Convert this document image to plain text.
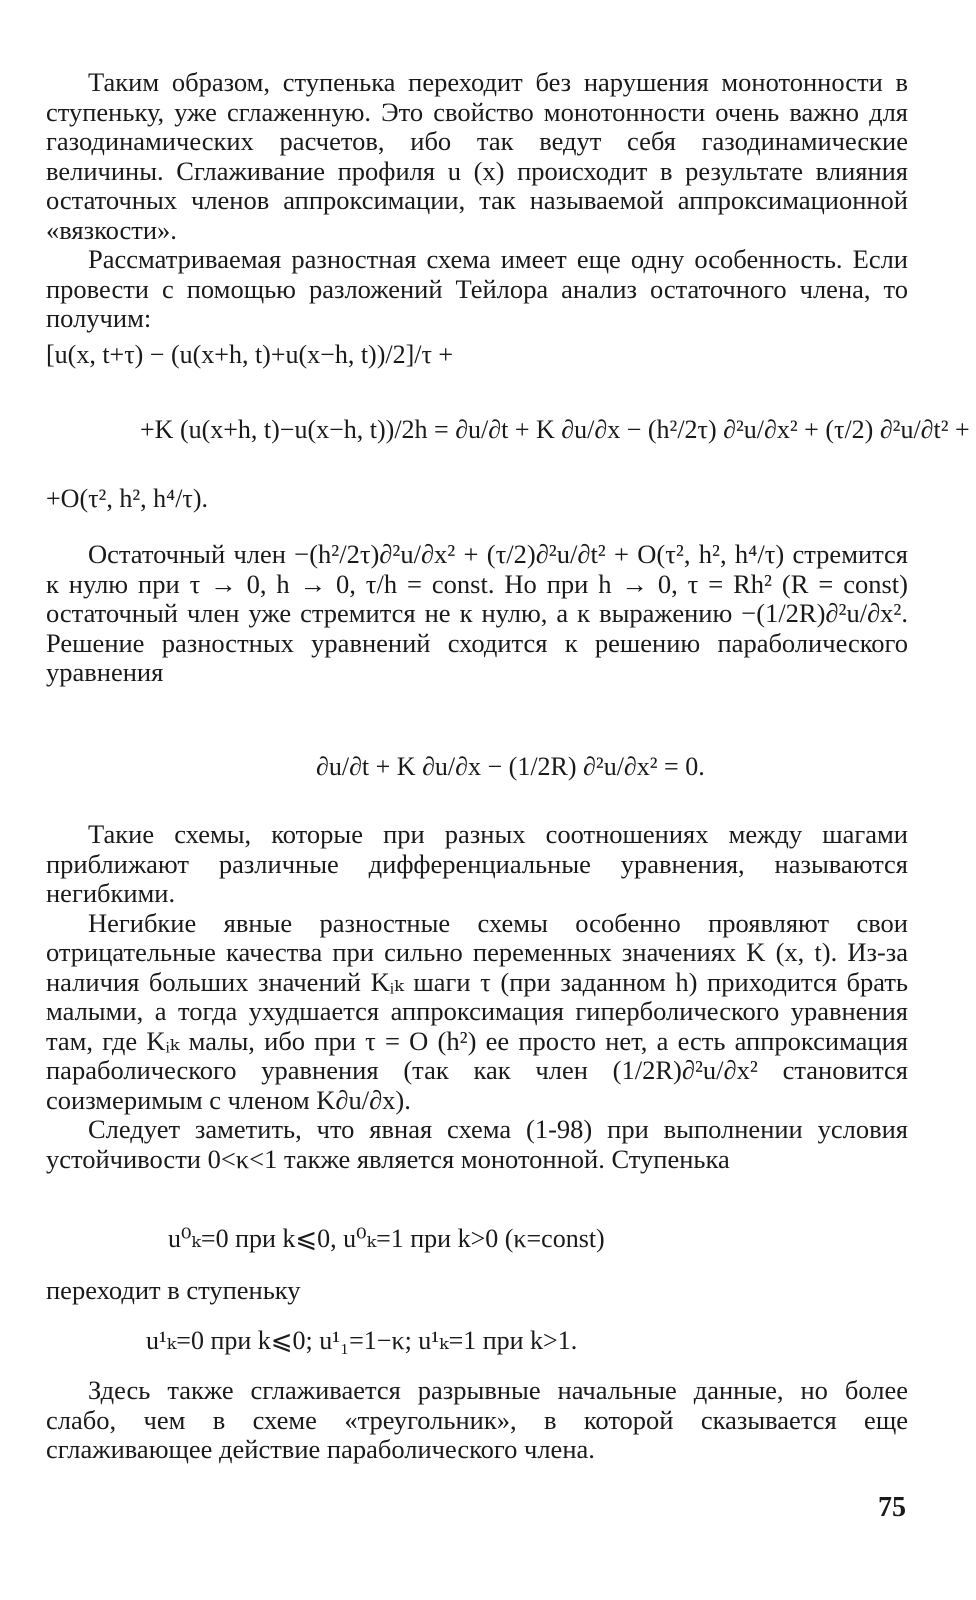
Таким образом, ступенька переходит без нарушения монотонности в ступеньку, уже сглаженную. Это свойство монотонности очень важно для газодинамических расчетов, ибо так ведут себя газодинамические величины. Сглаживание профиля u (x) происходит в результате влияния остаточных членов аппроксимации, так называемой аппроксимационной «вязкости».

Рассматриваемая разностная схема имеет еще одну особенность. Если провести с помощью разложений Тейлора анализ остаточного члена, то получим:

[u(x, t+τ) − (u(x+h, t)+u(x−h, t))/2]/τ +
+K (u(x+h, t)−u(x−h, t))/2h = ∂u/∂t + K ∂u/∂x − (h²/2τ) ∂²u/∂x² + (τ/2) ∂²u/∂t² +
+O(τ², h², h⁴/τ).

Остаточный член −(h²/2τ)∂²u/∂x² + (τ/2)∂²u/∂t² + O(τ², h², h⁴/τ) стремится к нулю при τ → 0, h → 0, τ/h = const. Но при h → 0, τ = Rh² (R = const) остаточный член уже стремится не к нулю, а к выражению −(1/2R)∂²u/∂x². Решение разностных уравнений сходится к решению параболического уравнения

∂u/∂t + K ∂u/∂x − (1/2R) ∂²u/∂x² = 0.

Такие схемы, которые при разных соотношениях между шагами приближают различные дифференциальные уравнения, называются негибкими.

Негибкие явные разностные схемы особенно проявляют свои отрицательные качества при сильно переменных значениях K (x, t). Из-за наличия больших значений Kᵢₖ шаги τ (при заданном h) приходится брать малыми, а тогда ухудшается аппроксимация гиперболического уравнения там, где Kᵢₖ малы, ибо при τ = O (h²) ее просто нет, а есть аппроксимация параболического уравнения (так как член (1/2R)∂²u/∂x² становится соизмеримым с членом K∂u/∂x).

Следует заметить, что явная схема (1-98) при выполнении условия устойчивости 0<κ<1 также является монотонной. Ступенька

u⁰ₖ=0 при k⩽0, u⁰ₖ=1 при k>0 (κ=const)

переходит в ступеньку

u¹ₖ=0 при k⩽0; u¹₁=1−κ; u¹ₖ=1 при k>1.

Здесь также сглаживается разрывные начальные данные, но более слабо, чем в схеме «треугольник», в которой сказывается еще сглаживающее действие параболического члена.

75
